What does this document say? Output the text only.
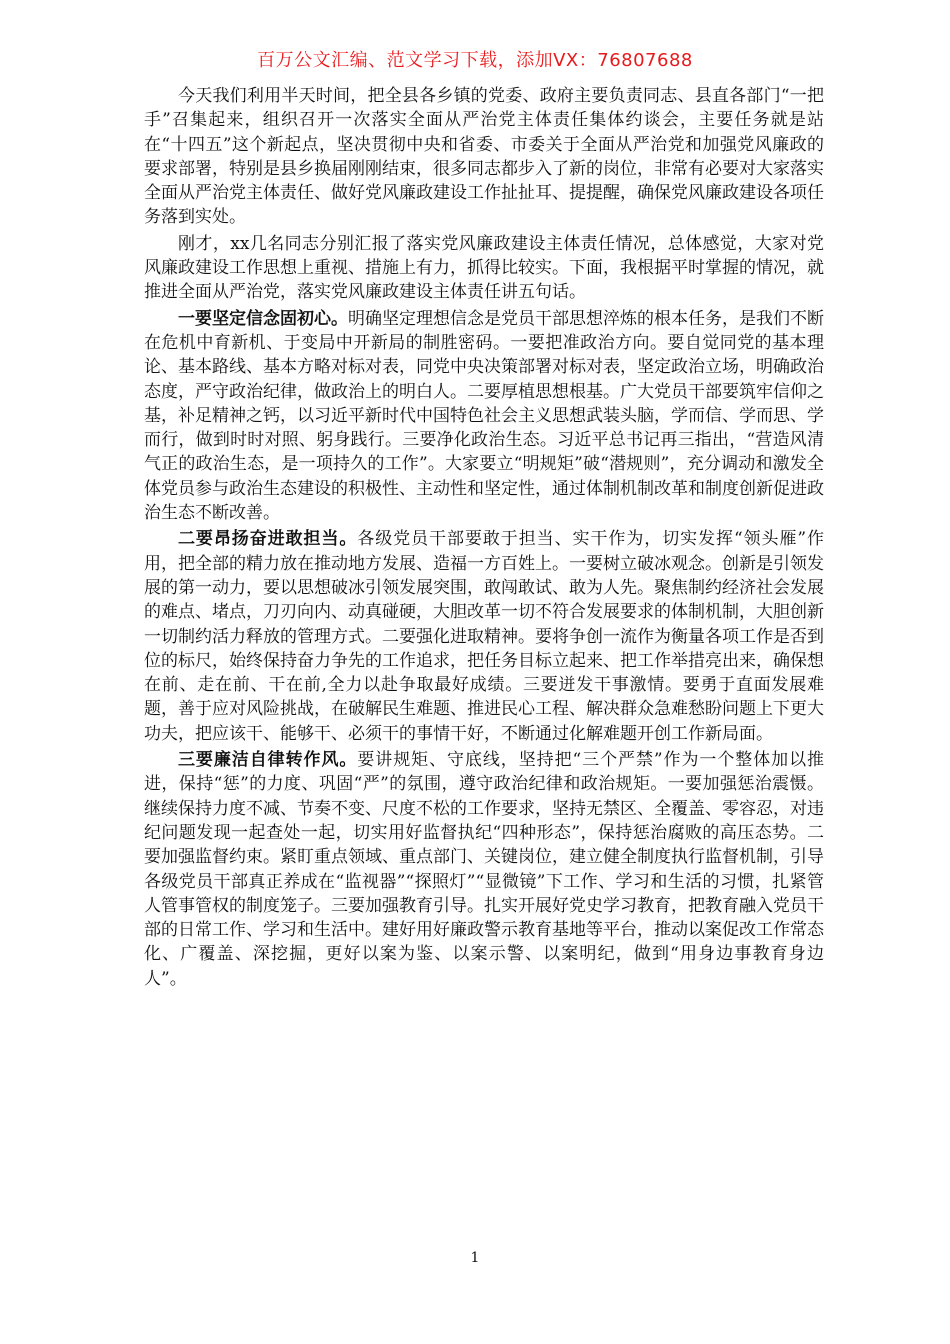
百万公文汇编、范文学习下载，添加VX：76807688

今天我们利用半天时间，把全县各乡镇的党委、政府主要负责同志、县直各部门“一把手”召集起来，组织召开一次落实全面从严治党主体责任集体约谈会，主要任务就是站在“十四五”这个新起点，坚决贯彻中央和省委、市委关于全面从严治党和加强党风廉政的要求部署，特别是县乡换届刚刚结束，很多同志都步入了新的岗位，非常有必要对大家落实全面从严治党主体责任、做好党风廉政建设工作扯扯耳、提提醒，确保党风廉政建设各项任务落到实处。

刚才，xx几名同志分别汇报了落实党风廉政建设主体责任情况，总体感觉，大家对党风廉政建设工作思想上重视、措施上有力，抓得比较实。下面，我根据平时掌握的情况，就推进全面从严治党，落实党风廉政建设主体责任讲五句话。

一要坚定信念固初心。明确坚定理想信念是党员干部思想淬炼的根本任务，是我们不断在危机中育新机、于变局中开新局的制胜密码。一要把准政治方向。要自觉同党的基本理论、基本路线、基本方略对标对表，同党中央决策部署对标对表，坚定政治立场，明确政治态度，严守政治纪律，做政治上的明白人。二要厚植思想根基。广大党员干部要筑牢信仰之基，补足精神之钙，以习近平新时代中国特色社会主义思想武装头脑，学而信、学而思、学而行，做到时时对照、躬身践行。三要净化政治生态。习近平总书记再三指出，“营造风清气正的政治生态，是一项持久的工作”。大家要立“明规矩”破“潜规则”，充分调动和激发全体党员参与政治生态建设的积极性、主动性和坚定性，通过体制机制改革和制度创新促进政治生态不断改善。

二要昂扬奋进敢担当。各级党员干部要敢于担当、实干作为，切实发挥“领头雁”作用，把全部的精力放在推动地方发展、造福一方百姓上。一要树立破冰观念。创新是引领发展的第一动力，要以思想破冰引领发展突围，敢闯敢试、敢为人先。聚焦制约经济社会发展的难点、堵点，刀刃向内、动真碰硬，大胆改革一切不符合发展要求的体制机制，大胆创新一切制约活力释放的管理方式。二要强化进取精神。要将争创一流作为衡量各项工作是否到位的标尺，始终保持奋力争先的工作追求，把任务目标立起来、把工作举措亮出来，确保想在前、走在前、干在前,全力以赴争取最好成绩。三要迸发干事激情。要勇于直面发展难题，善于应对风险挑战，在破解民生难题、推进民心工程、解决群众急难愁盼问题上下更大功夫，把应该干、能够干、必须干的事情干好，不断通过化解难题开创工作新局面。

三要廉洁自律转作风。要讲规矩、守底线，坚持把“三个严禁”作为一个整体加以推进，保持“惩”的力度、巩固“严”的氛围，遵守政治纪律和政治规矩。一要加强惩治震慑。继续保持力度不减、节奏不变、尺度不松的工作要求，坚持无禁区、全覆盖、零容忍，对违纪问题发现一起查处一起，切实用好监督执纪“四种形态”，保持惩治腐败的高压态势。二要加强监督约束。紧盯重点领域、重点部门、关键岗位，建立健全制度执行监督机制，引导各级党员干部真正养成在“监视器”“探照灯”“显微镜”下工作、学习和生活的习惯，扎紧管人管事管权的制度笼子。三要加强教育引导。扎实开展好党史学习教育，把教育融入党员干部的日常工作、学习和生活中。建好用好廉政警示教育基地等平台，推动以案促改工作常态化、广覆盖、深挖掘，更好以案为鉴、以案示警、以案明纪，做到“用身边事教育身边人”。

1
